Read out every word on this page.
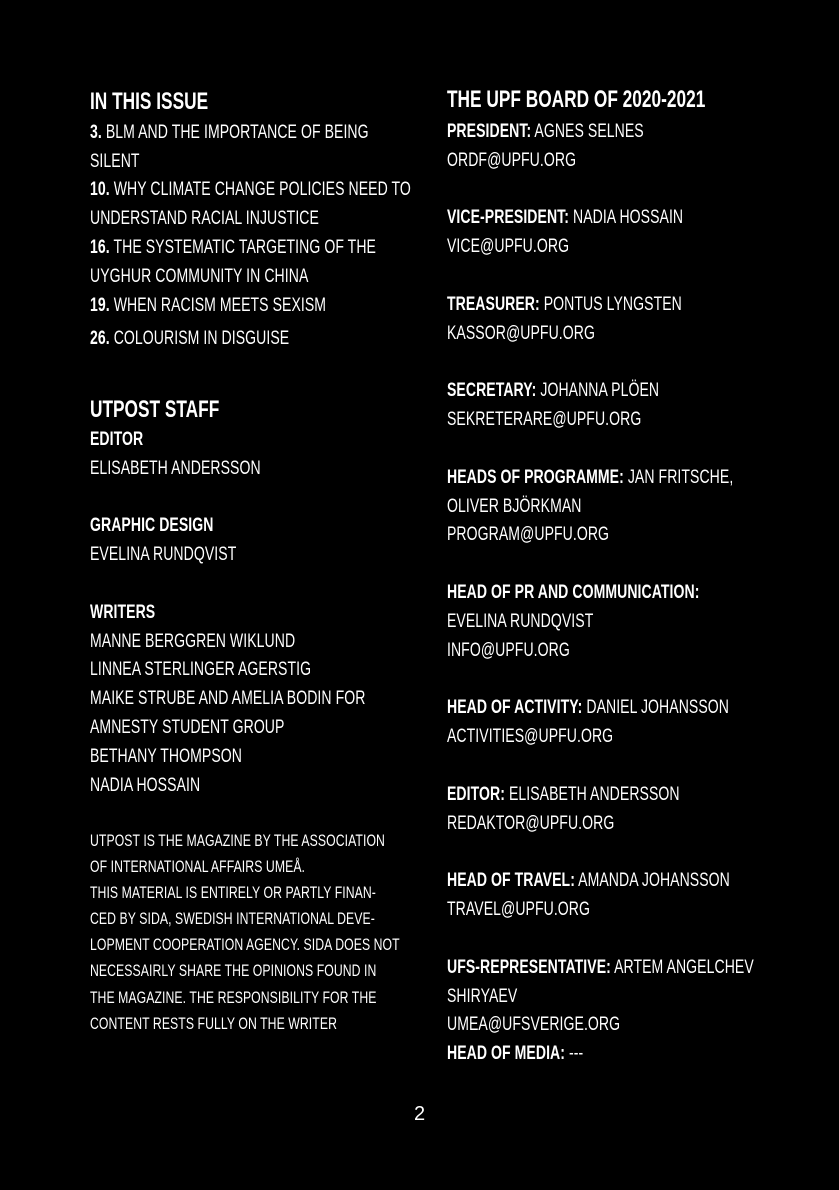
IN THIS ISSUE
3. BLM AND THE IMPORTANCE OF BEING
SILENT
10. WHY CLIMATE CHANGE POLICIES NEED TO
UNDERSTAND RACIAL INJUSTICE
16. THE SYSTEMATIC TARGETING OF THE
UYGHUR COMMUNITY IN CHINA
19. WHEN RACISM MEETS SEXISM
26. COLOURISM IN DISGUISE
UTPOST STAFF
EDITOR
ELISABETH ANDERSSON
GRAPHIC DESIGN
EVELINA RUNDQVIST
WRITERS
MANNE BERGGREN WIKLUND
LINNEA STERLINGER AGERSTIG
MAIKE STRUBE AND AMELIA BODIN FOR
AMNESTY STUDENT GROUP
BETHANY THOMPSON
NADIA HOSSAIN
UTPOST IS THE MAGAZINE BY THE ASSOCIATION
OF INTERNATIONAL AFFAIRS UMEÅ.
THIS MATERIAL IS ENTIRELY OR PARTLY FINAN-
CED BY SIDA, SWEDISH INTERNATIONAL DEVE-
LOPMENT COOPERATION AGENCY. SIDA DOES NOT
NECESSAIRLY SHARE THE OPINIONS FOUND IN
THE MAGAZINE. THE RESPONSIBILITY FOR THE
CONTENT RESTS FULLY ON THE WRITER
THE UPF BOARD OF 2020-2021
PRESIDENT: AGNES SELNES
ORDF@UPFU.ORG
VICE-PRESIDENT: NADIA HOSSAIN
VICE@UPFU.ORG
TREASURER: PONTUS LYNGSTEN
KASSOR@UPFU.ORG
SECRETARY: JOHANNA PLÖEN
SEKRETERARE@UPFU.ORG
HEADS OF PROGRAMME: JAN FRITSCHE,
OLIVER BJÖRKMAN
PROGRAM@UPFU.ORG
HEAD OF PR AND COMMUNICATION:
EVELINA RUNDQVIST
INFO@UPFU.ORG
HEAD OF ACTIVITY: DANIEL JOHANSSON
ACTIVITIES@UPFU.ORG
EDITOR: ELISABETH ANDERSSON
REDAKTOR@UPFU.ORG
HEAD OF TRAVEL: AMANDA JOHANSSON
TRAVEL@UPFU.ORG
UFS-REPRESENTATIVE: ARTEM ANGELCHEV
SHIRYAEV
UMEA@UFSVERIGE.ORG
HEAD OF MEDIA: ---
2
